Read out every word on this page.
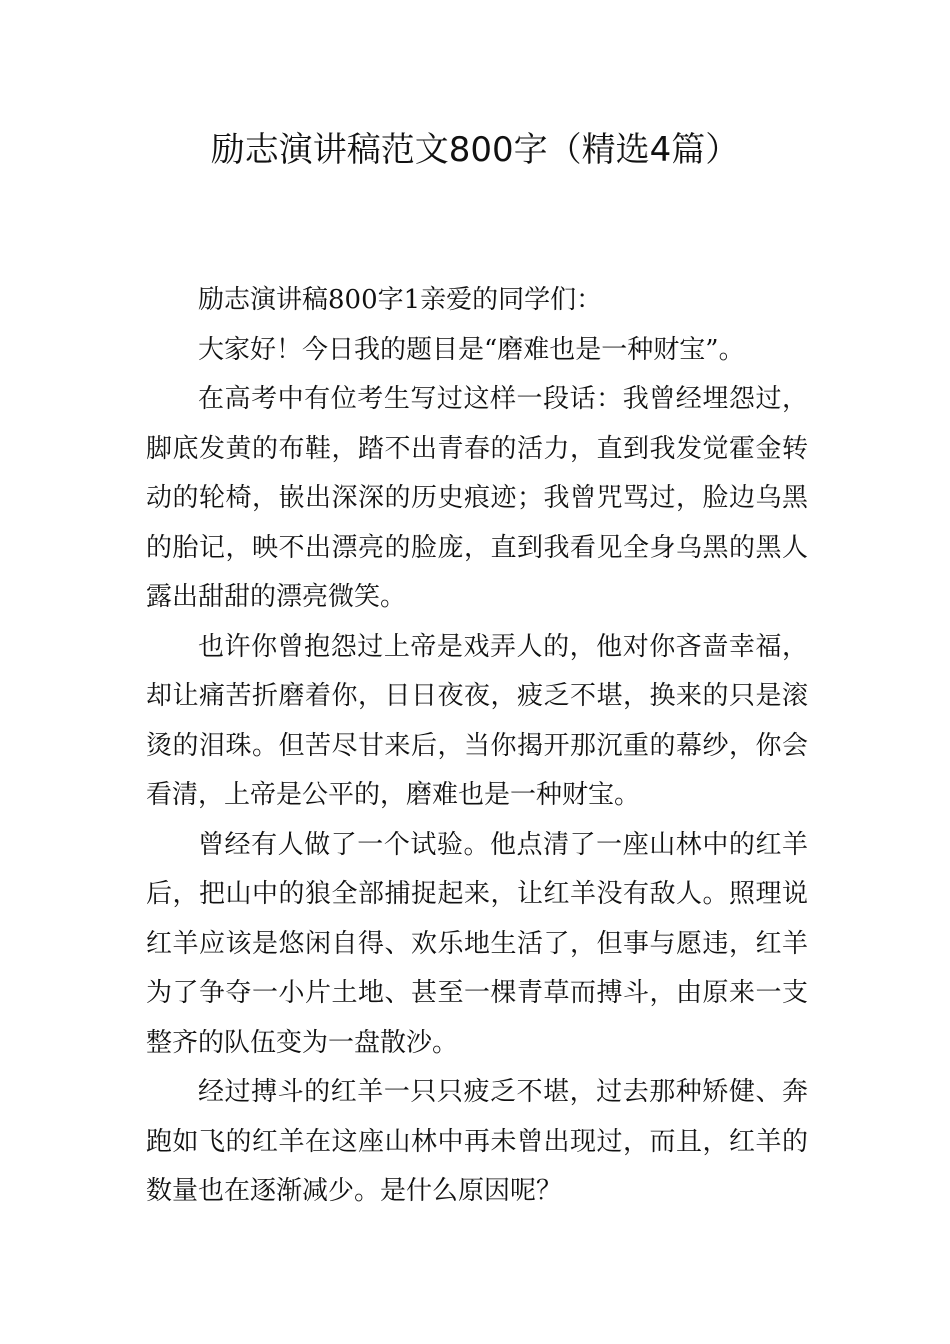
励志演讲稿范文800字（精选4篇）

励志演讲稿800字1亲爱的同学们：

大家好！今日我的题目是“磨难也是一种财宝”。

在高考中有位考生写过这样一段话：我曾经埋怨过，脚底发黄的布鞋，踏不出青春的活力，直到我发觉霍金转动的轮椅，嵌出深深的历史痕迹；我曾咒骂过，脸边乌黑的胎记，映不出漂亮的脸庞，直到我看见全身乌黑的黑人露出甜甜的漂亮微笑。

也许你曾抱怨过上帝是戏弄人的，他对你吝啬幸福，却让痛苦折磨着你，日日夜夜，疲乏不堪，换来的只是滚烫的泪珠。但苦尽甘来后，当你揭开那沉重的幕纱，你会看清，上帝是公平的，磨难也是一种财宝。

曾经有人做了一个试验。他点清了一座山林中的红羊后，把山中的狼全部捕捉起来，让红羊没有敌人。照理说红羊应该是悠闲自得、欢乐地生活了，但事与愿违，红羊为了争夺一小片土地、甚至一棵青草而搏斗，由原来一支整齐的队伍变为一盘散沙。

经过搏斗的红羊一只只疲乏不堪，过去那种矫健、奔跑如飞的红羊在这座山林中再未曾出现过，而且，红羊的数量也在逐渐减少。是什么原因呢？
